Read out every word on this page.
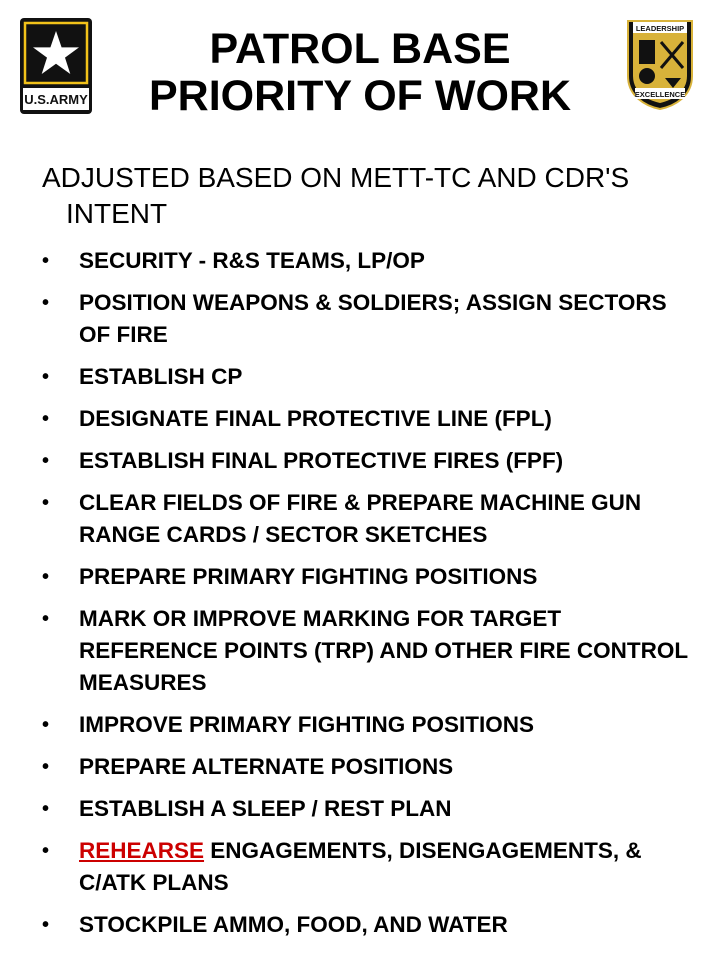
U.S.ARMY
PATROL BASE
PRIORITY OF WORK
LEADERSHIP
EXCELLENCE
ADJUSTED BASED ON METT-TC AND CDR'S INTENT
• SECURITY - R&S TEAMS, LP/OP
• POSITION WEAPONS & SOLDIERS; ASSIGN SECTORS OF FIRE
• ESTABLISH CP
• DESIGNATE FINAL PROTECTIVE LINE (FPL)
• ESTABLISH FINAL PROTECTIVE FIRES (FPF)
• CLEAR FIELDS OF FIRE & PREPARE MACHINE GUN RANGE CARDS / SECTOR SKETCHES
• PREPARE PRIMARY FIGHTING POSITIONS
• MARK OR IMPROVE MARKING FOR TARGET REFERENCE POINTS (TRP) AND OTHER FIRE CONTROL MEASURES
• IMPROVE PRIMARY FIGHTING POSITIONS
• PREPARE ALTERNATE POSITIONS
• ESTABLISH A SLEEP / REST PLAN
• REHEARSE ENGAGEMENTS, DISENGAGEMENTS, & C/ATK PLANS
• STOCKPILE AMMO, FOOD, AND WATER
